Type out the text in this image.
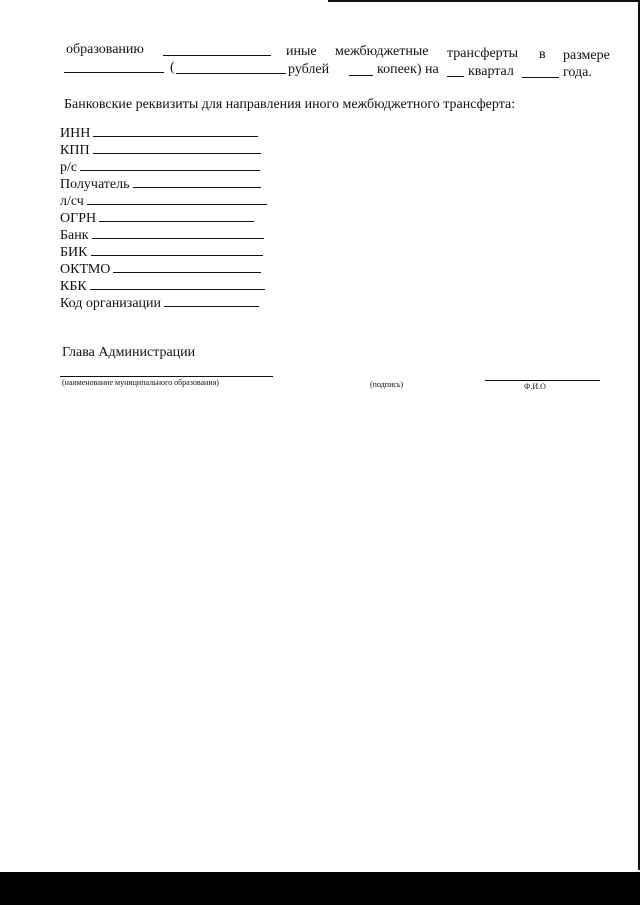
образованию	иные межбюджетные трансферты в размере
(	рублей	копеек) на квартал	года.
Банковские реквизиты для направления иного межбюджетного трансферта:
ИНН
КПП
р/с
Получатель
л/сч
ОГРН
Банк
БИК
ОКТМО
КБК
Код организации
Глава Администрации
(наименование муниципального образования)	(подпись)	Ф.И.О
